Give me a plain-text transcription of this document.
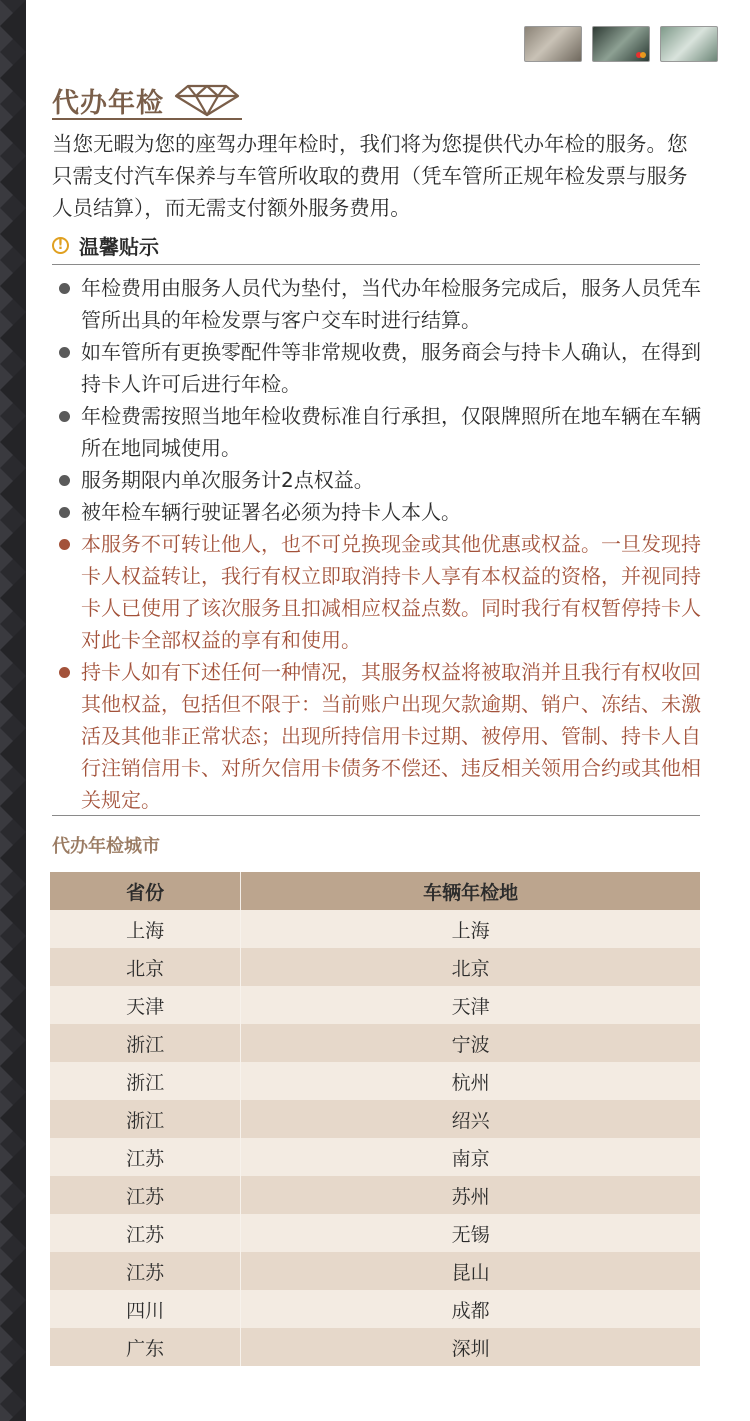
代办年检

当您无暇为您的座驾办理年检时，我们将为您提供代办年检的服务。您只需支付汽车保养与车管所收取的费用（凭车管所正规年检发票与服务人员结算），而无需支付额外服务费用。

! 温馨贴示
年检费用由服务人员代为垫付，当代办年检服务完成后，服务人员凭车管所出具的年检发票与客户交车时进行结算。
如车管所有更换零配件等非常规收费，服务商会与持卡人确认，在得到持卡人许可后进行年检。
年检费需按照当地年检收费标准自行承担，仅限牌照所在地车辆在车辆所在地同城使用。
服务期限内单次服务计2点权益。
被年检车辆行驶证署名必须为持卡人本人。
本服务不可转让他人，也不可兑换现金或其他优惠或权益。一旦发现持卡人权益转让，我行有权立即取消持卡人享有本权益的资格，并视同持卡人已使用了该次服务且扣减相应权益点数。同时我行有权暂停持卡人对此卡全部权益的享有和使用。
持卡人如有下述任何一种情况，其服务权益将被取消并且我行有权收回其他权益，包括但不限于：当前账户出现欠款逾期、销户、冻结、未激活及其他非正常状态；出现所持信用卡过期、被停用、管制、持卡人自行注销信用卡、对所欠信用卡债务不偿还、违反相关领用合约或其他相关规定。
代办年检城市
省份	车辆年检地
上海	上海
北京	北京
天津	天津
浙江	宁波
浙江	杭州
浙江	绍兴
江苏	南京
江苏	苏州
江苏	无锡
江苏	昆山
四川	成都
广东	深圳
